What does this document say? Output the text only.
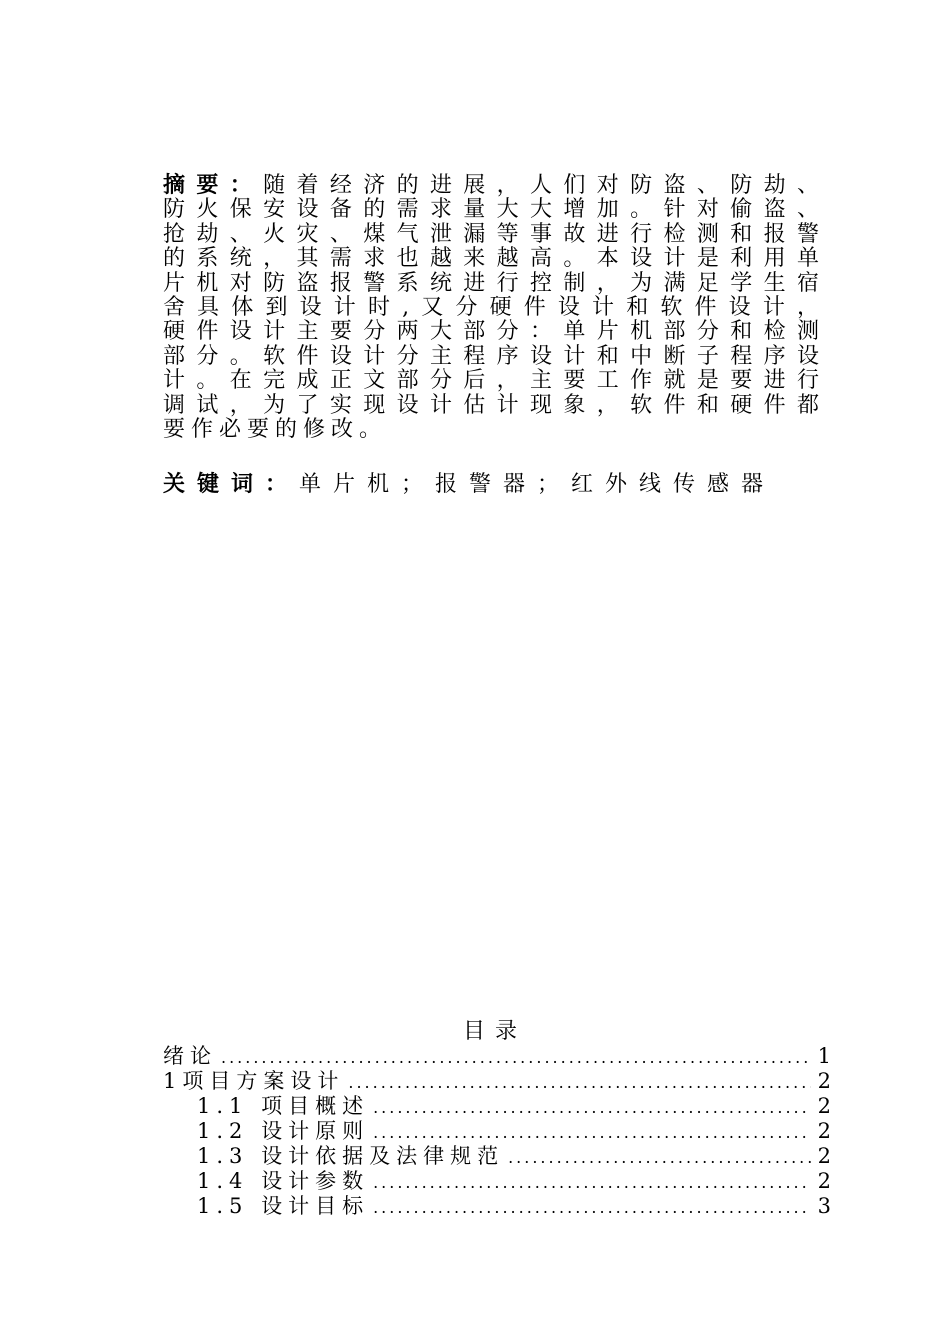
摘要：随着经济的进展，人们对防盗、防劫、
防火保安设备的需求量大大增加。针对偷盗、
抢劫、火灾、煤气泄漏等事故进行检测和报警
的系统，其需求也越来越高。本设计是利用单
片机对防盗报警系统进行控制，为满足学生宿
舍具体到设计时,又分硬件设计和软件设计，
硬件设计主要分两大部分：单片机部分和检测
部分。软件设计分主程序设计和中断子程序设
计。在完成正文部分后，主要工作就是要进行
调试，为了实现设计估计现象，软件和硬件都
要作必要的修改。
关键词：单片机；报警器；红外线传感器
目录
绪论 .....	1
1项目方案设计 .....	2
1.1 项目概述 .....	2
1.2 设计原则 .....	2
1.3 设计依据及法律规范 .....	2
1.4 设计参数 .....	2
1.5 设计目标 .....	3
